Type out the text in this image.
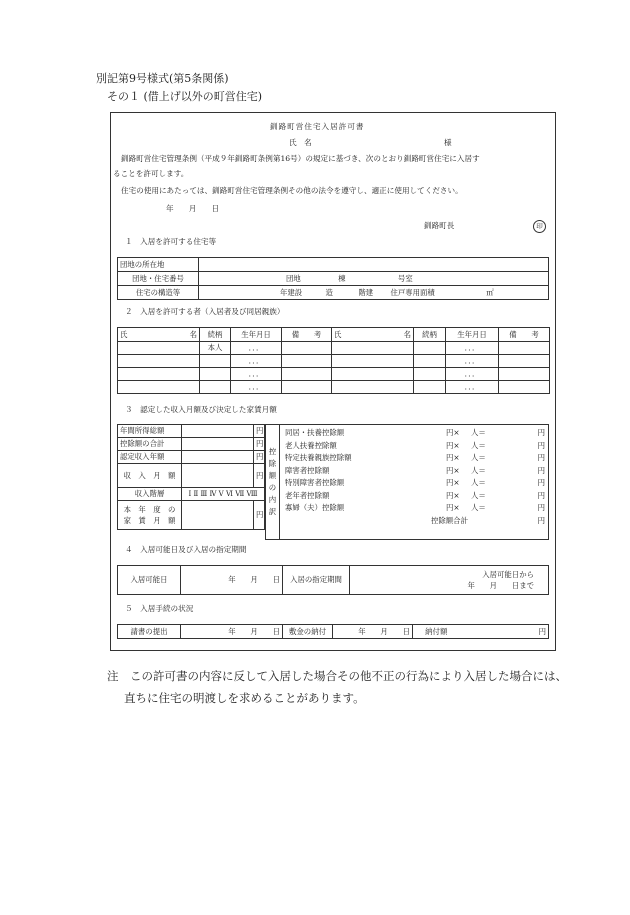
別記第9号様式(第5条関係)
その１ (借上げ以外の町営住宅)
釧路町営住宅入居許可書
氏　名	様
釧路町営住宅管理条例（平成９年釧路町条例第16号）の規定に基づき、次のとおり釧路町営住宅に入居す
ることを許可します。
住宅の使用にあたっては、釧路町営住宅管理条例その他の法令を遵守し、適正に使用してください。
年　　月　　日
釧路町長	印
１　入居を許可する住宅等
団地の所在地	
団地・住宅番号	団地 棟 号室
住宅の構造等	年建設 造 階建 住戸専用面積 ㎡
２　入居を許可する者（入居者及び同居親族）
氏 名	続柄	生年月日	備　　考	氏 名	続柄	生年月日	備　　考
	本人	．．．				．．．	
		．．．				．．．	
		．．．				．．．	
		．．．				．．．	
３　認定した収入月額及び決定した家賃月額
年間所得総額		円
控除額の合計		円
認定収入年額		円
収　入　月　額		円
収入階層	Ⅰ Ⅱ Ⅲ Ⅳ Ⅴ Ⅵ Ⅶ Ⅷ	
本　年　度　の
家　賃　月　額		円
控
除
額
の
内
訳	
同居・扶養控除額	円× 人＝	円
老人扶養控除額	円× 人＝	円
特定扶養親族控除額	円× 人＝	円
障害者控除額	円× 人＝	円
特別障害者控除額	円× 人＝	円
老年者控除額	円× 人＝	円
寡婦（夫）控除額	円× 人＝	円
控除額合計	円
４　入居可能日及び入居の指定期間
入居可能日	年　　月　　日	入居の指定期間	入居可能日から
年　　月　　日まで
５　入居手続の状況
請書の提出	年　　月　　日	敷金の納付	年　　月　　日	納付額	円
注　この許可書の内容に反して入居した場合その他不正の行為により入居した場合には、
直ちに住宅の明渡しを求めることがあります。
